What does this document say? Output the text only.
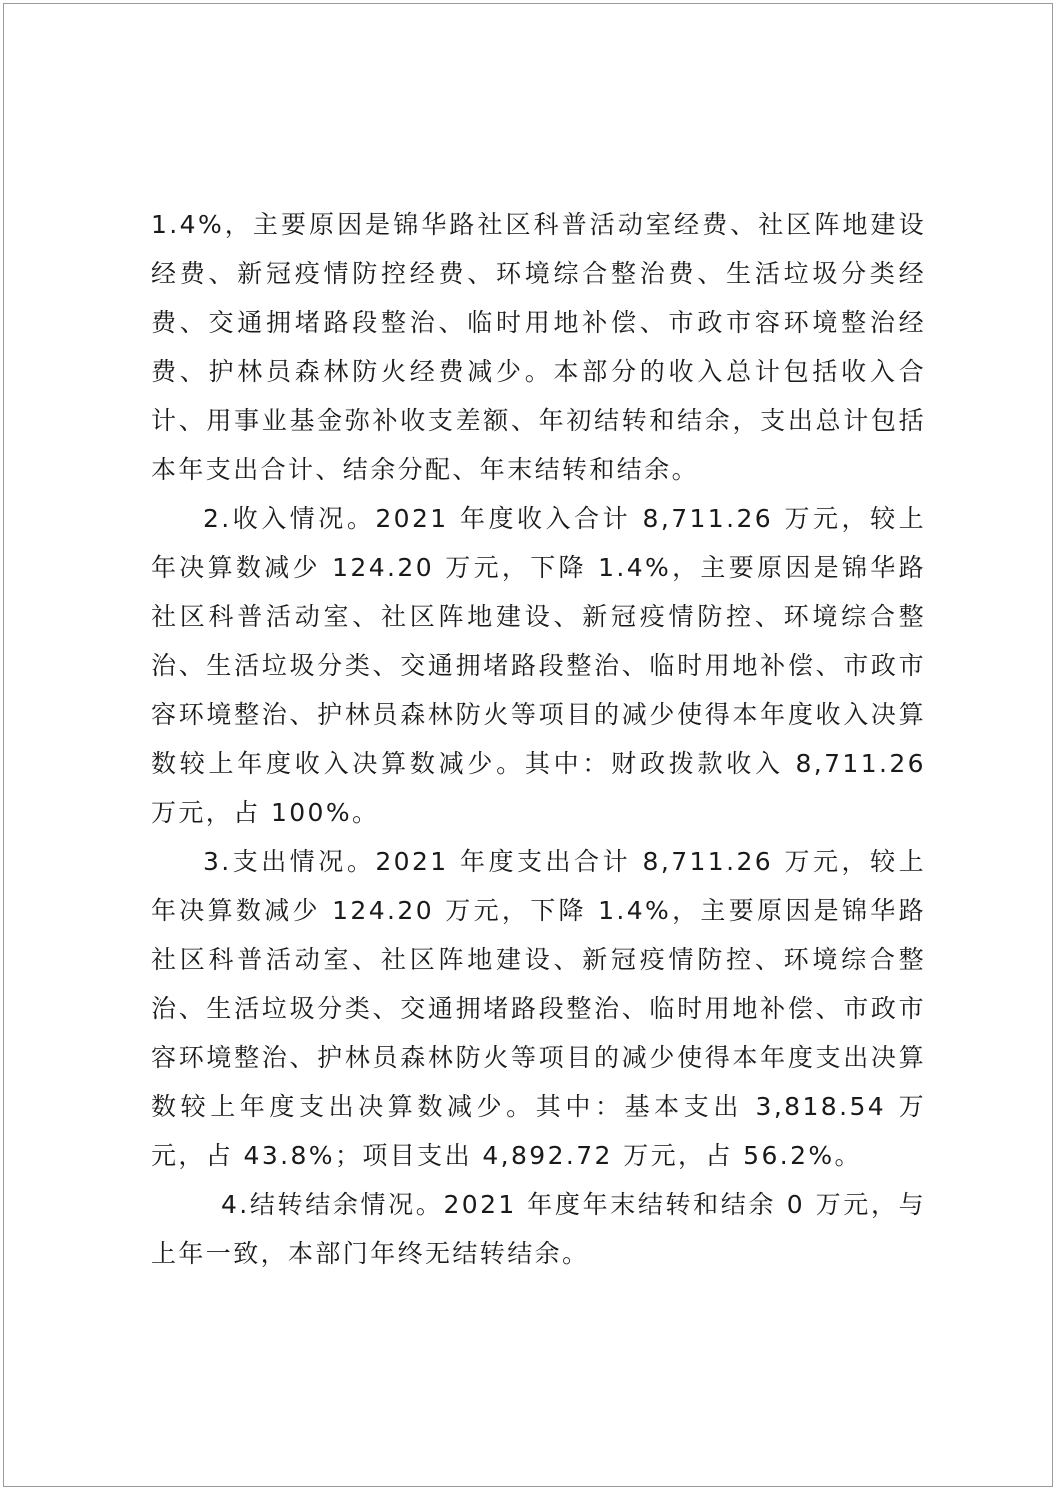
1.4%，主要原因是锦华路社区科普活动室经费、社区阵地建设经费、新冠疫情防控经费、环境综合整治费、生活垃圾分类经费、交通拥堵路段整治、临时用地补偿、市政市容环境整治经费、护林员森林防火经费减少。本部分的收入总计包括收入合计、用事业基金弥补收支差额、年初结转和结余，支出总计包括本年支出合计、结余分配、年末结转和结余。

2.收入情况。2021 年度收入合计 8,711.26 万元，较上年决算数减少 124.20 万元，下降 1.4%，主要原因是锦华路社区科普活动室、社区阵地建设、新冠疫情防控、环境综合整治、生活垃圾分类、交通拥堵路段整治、临时用地补偿、市政市容环境整治、护林员森林防火等项目的减少使得本年度收入决算数较上年度收入决算数减少。其中：财政拨款收入 8,711.26 万元，占 100%。

3.支出情况。2021 年度支出合计 8,711.26 万元，较上年决算数减少 124.20 万元，下降 1.4%，主要原因是锦华路社区科普活动室、社区阵地建设、新冠疫情防控、环境综合整治、生活垃圾分类、交通拥堵路段整治、临时用地补偿、市政市容环境整治、护林员森林防火等项目的减少使得本年度支出决算数较上年度支出决算数减少。其中：基本支出 3,818.54 万元，占 43.8%；项目支出 4,892.72 万元，占 56.2%。

4.结转结余情况。2021 年度年末结转和结余 0 万元，与上年一致，本部门年终无结转结余。
